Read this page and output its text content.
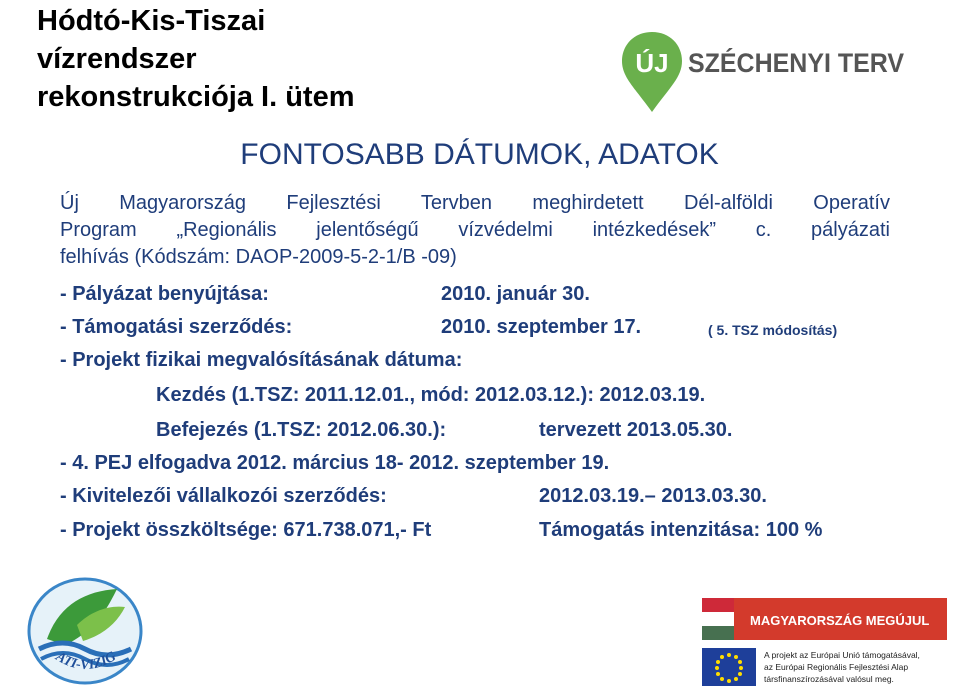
Hódtó-Kis-Tiszai
vízrendszer
rekonstrukciója I. ütem
ÚJ SZÉCHENYI TERV
FONTOSABB DÁTUMOK, ADATOK
Új Magyarország Fejlesztési Tervben meghirdetett Dél-alföldi Operatív
Program „Regionális jelentőségű vízvédelmi intézkedések” c. pályázati
felhívás (Kódszám: DAOP-2009-5-2-1/B -09)
- Pályázat benyújtása:	2010. január 30.
- Támogatási szerződés:	2010. szeptember 17.	( 5. TSZ módosítás)
- Projekt fizikai megvalósításának dátuma:
Kezdés (1.TSZ: 2011.12.01., mód: 2012.03.12.): 2012.03.19.
Befejezés (1.TSZ: 2012.06.30.):	tervezett 2013.05.30.
- 4. PEJ elfogadva 2012. március 18- 2012. szeptember 19.
- Kivitelezői vállalkozói szerződés:	2012.03.19.– 2013.03.30.
- Projekt összköltsége: 671.738.071,- Ft	Támogatás intenzitása: 100 %
ATI-VIZIG
MAGYARORSZÁG MEGÚJUL
A projekt az Európai Unió támogatásával, az Európai Regionális Fejlesztési Alap társfinanszírozásával valósul meg.
